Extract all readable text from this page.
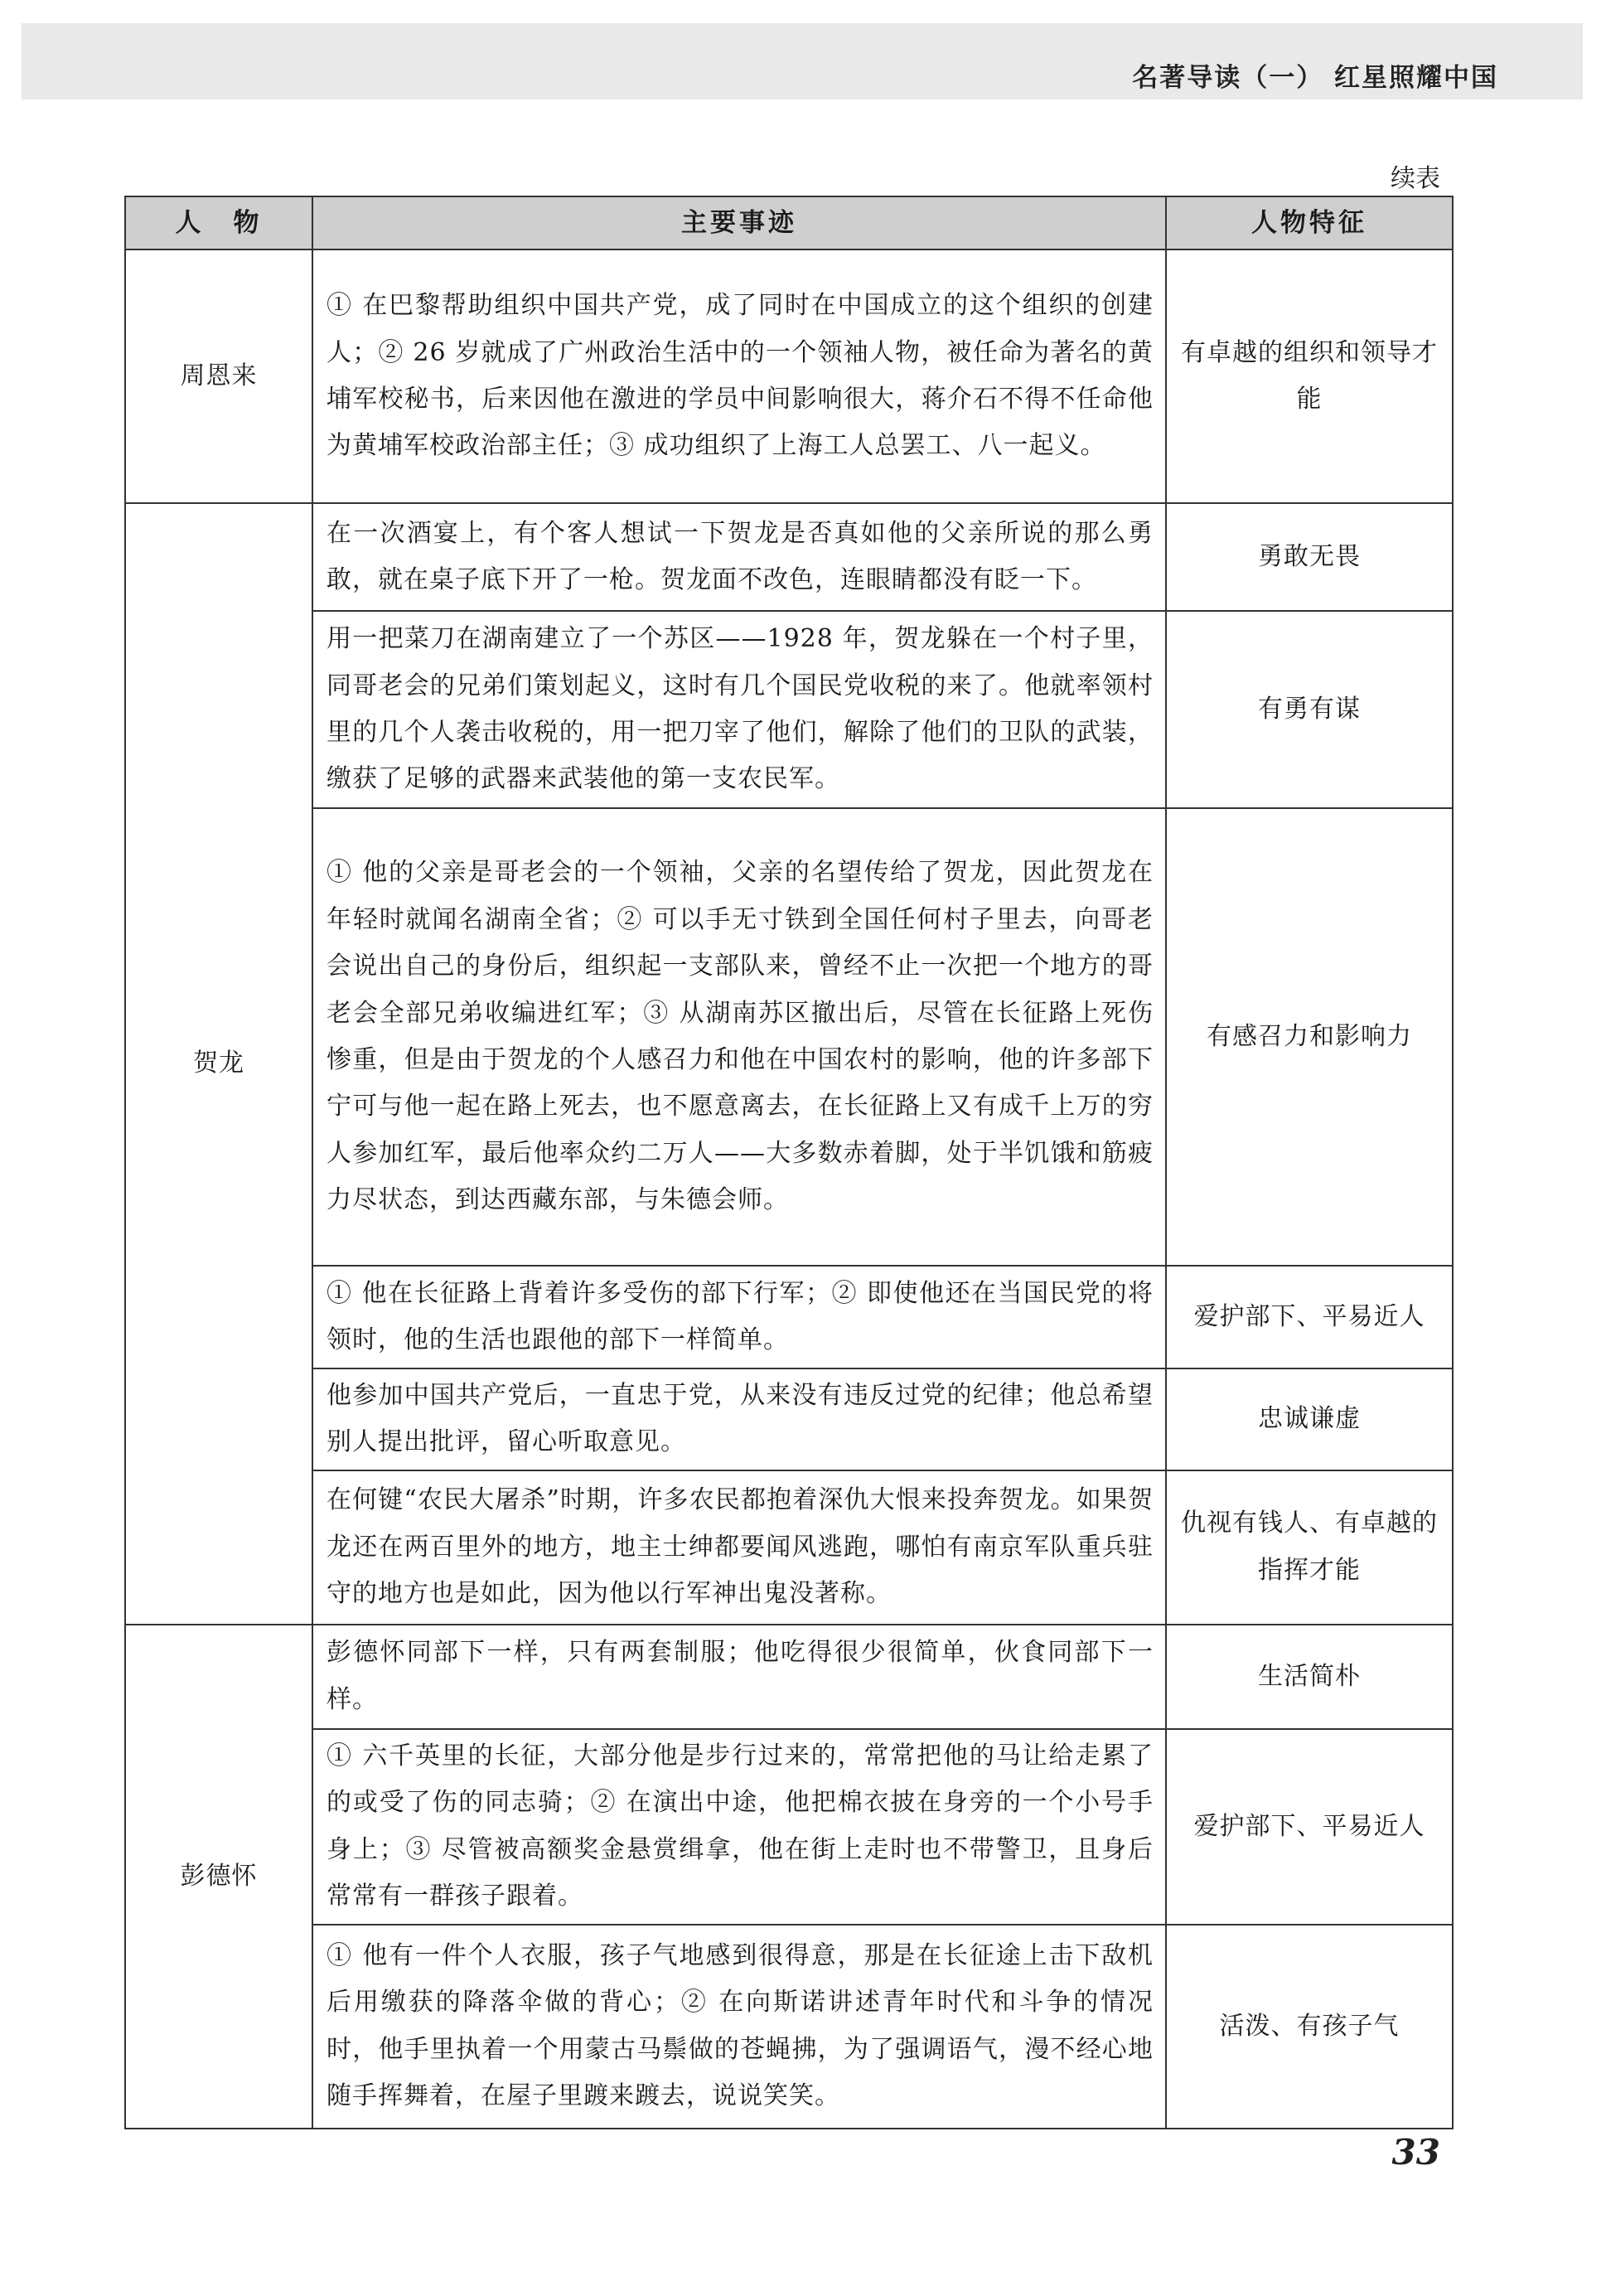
名著导读（一） 红星照耀中国
续表
人　物	主要事迹	人物特征
周恩来	① 在巴黎帮助组织中国共产党，成了同时在中国成立的这个组织的创建人；② 26 岁就成了广州政治生活中的一个领袖人物，被任命为著名的黄埔军校秘书，后来因他在激进的学员中间影响很大，蒋介石不得不任命他为黄埔军校政治部主任；③ 成功组织了上海工人总罢工、八一起义。	有卓越的组织和领导才能
贺龙	在一次酒宴上，有个客人想试一下贺龙是否真如他的父亲所说的那么勇敢，就在桌子底下开了一枪。贺龙面不改色，连眼睛都没有眨一下。	勇敢无畏
	用一把菜刀在湖南建立了一个苏区——1928 年，贺龙躲在一个村子里，同哥老会的兄弟们策划起义，这时有几个国民党收税的来了。他就率领村里的几个人袭击收税的，用一把刀宰了他们，解除了他们的卫队的武装，缴获了足够的武器来武装他的第一支农民军。	有勇有谋
	① 他的父亲是哥老会的一个领袖，父亲的名望传给了贺龙，因此贺龙在年轻时就闻名湖南全省；② 可以手无寸铁到全国任何村子里去，向哥老会说出自己的身份后，组织起一支部队来，曾经不止一次把一个地方的哥老会全部兄弟收编进红军；③ 从湖南苏区撤出后，尽管在长征路上死伤惨重，但是由于贺龙的个人感召力和他在中国农村的影响，他的许多部下宁可与他一起在路上死去，也不愿意离去，在长征路上又有成千上万的穷人参加红军，最后他率众约二万人——大多数赤着脚，处于半饥饿和筋疲力尽状态，到达西藏东部，与朱德会师。	有感召力和影响力
	① 他在长征路上背着许多受伤的部下行军；② 即使他还在当国民党的将领时，他的生活也跟他的部下一样简单。	爱护部下、平易近人
	他参加中国共产党后，一直忠于党，从来没有违反过党的纪律；他总希望别人提出批评，留心听取意见。	忠诚谦虚
	在何键“农民大屠杀”时期，许多农民都抱着深仇大恨来投奔贺龙。如果贺龙还在两百里外的地方，地主士绅都要闻风逃跑，哪怕有南京军队重兵驻守的地方也是如此，因为他以行军神出鬼没著称。	仇视有钱人、有卓越的指挥才能
彭德怀	彭德怀同部下一样，只有两套制服；他吃得很少很简单，伙食同部下一样。	生活简朴
	① 六千英里的长征，大部分他是步行过来的，常常把他的马让给走累了的或受了伤的同志骑；② 在演出中途，他把棉衣披在身旁的一个小号手身上；③ 尽管被高额奖金悬赏缉拿，他在街上走时也不带警卫，且身后常常有一群孩子跟着。	爱护部下、平易近人
	① 他有一件个人衣服，孩子气地感到很得意，那是在长征途上击下敌机后用缴获的降落伞做的背心；② 在向斯诺讲述青年时代和斗争的情况时，他手里执着一个用蒙古马鬃做的苍蝇拂，为了强调语气，漫不经心地随手挥舞着，在屋子里踱来踱去，说说笑笑。	活泼、有孩子气
33
